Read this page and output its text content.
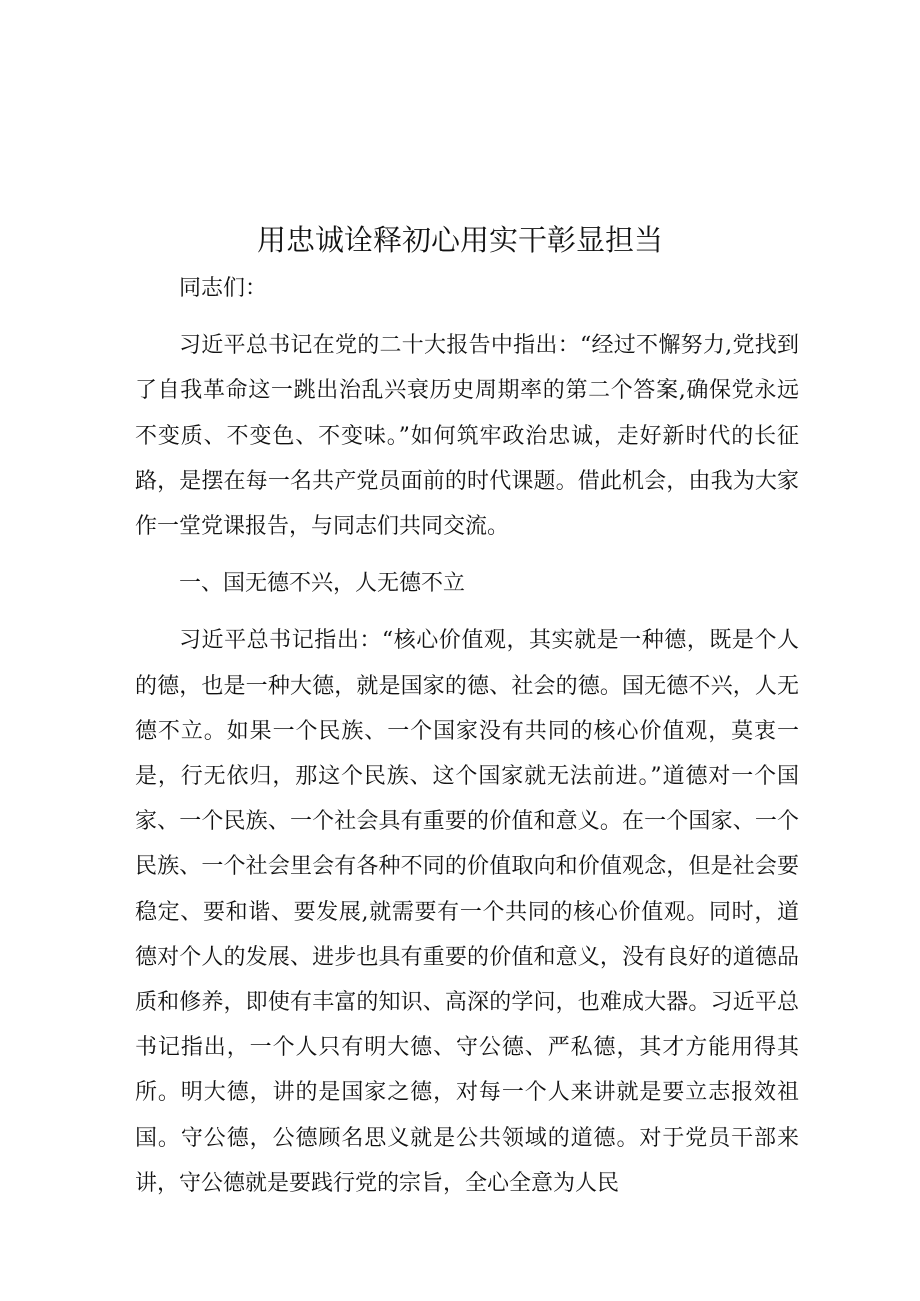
用忠诚诠释初心用实干彰显担当

同志们：

习近平总书记在党的二十大报告中指出：“经过不懈努力,党找到了自我革命这一跳出治乱兴衰历史周期率的第二个答案,确保党永远不变质、不变色、不变味。”如何筑牢政治忠诚，走好新时代的长征路，是摆在每一名共产党员面前的时代课题。借此机会，由我为大家作一堂党课报告，与同志们共同交流。

一、国无德不兴，人无德不立

习近平总书记指出：“核心价值观，其实就是一种德，既是个人的德，也是一种大德，就是国家的德、社会的德。国无德不兴，人无德不立。如果一个民族、一个国家没有共同的核心价值观，莫衷一是，行无依归，那这个民族、这个国家就无法前进。”道德对一个国家、一个民族、一个社会具有重要的价值和意义。在一个国家、一个民族、一个社会里会有各种不同的价值取向和价值观念，但是社会要稳定、要和谐、要发展,就需要有一个共同的核心价值观。同时，道德对个人的发展、进步也具有重要的价值和意义，没有良好的道德品质和修养，即使有丰富的知识、高深的学问，也难成大器。习近平总书记指出，一个人只有明大德、守公德、严私德，其才方能用得其所。明大德，讲的是国家之德，对每一个人来讲就是要立志报效祖国。守公德，公德顾名思义就是公共领域的道德。对于党员干部来讲，守公德就是要践行党的宗旨，全心全意为人民
